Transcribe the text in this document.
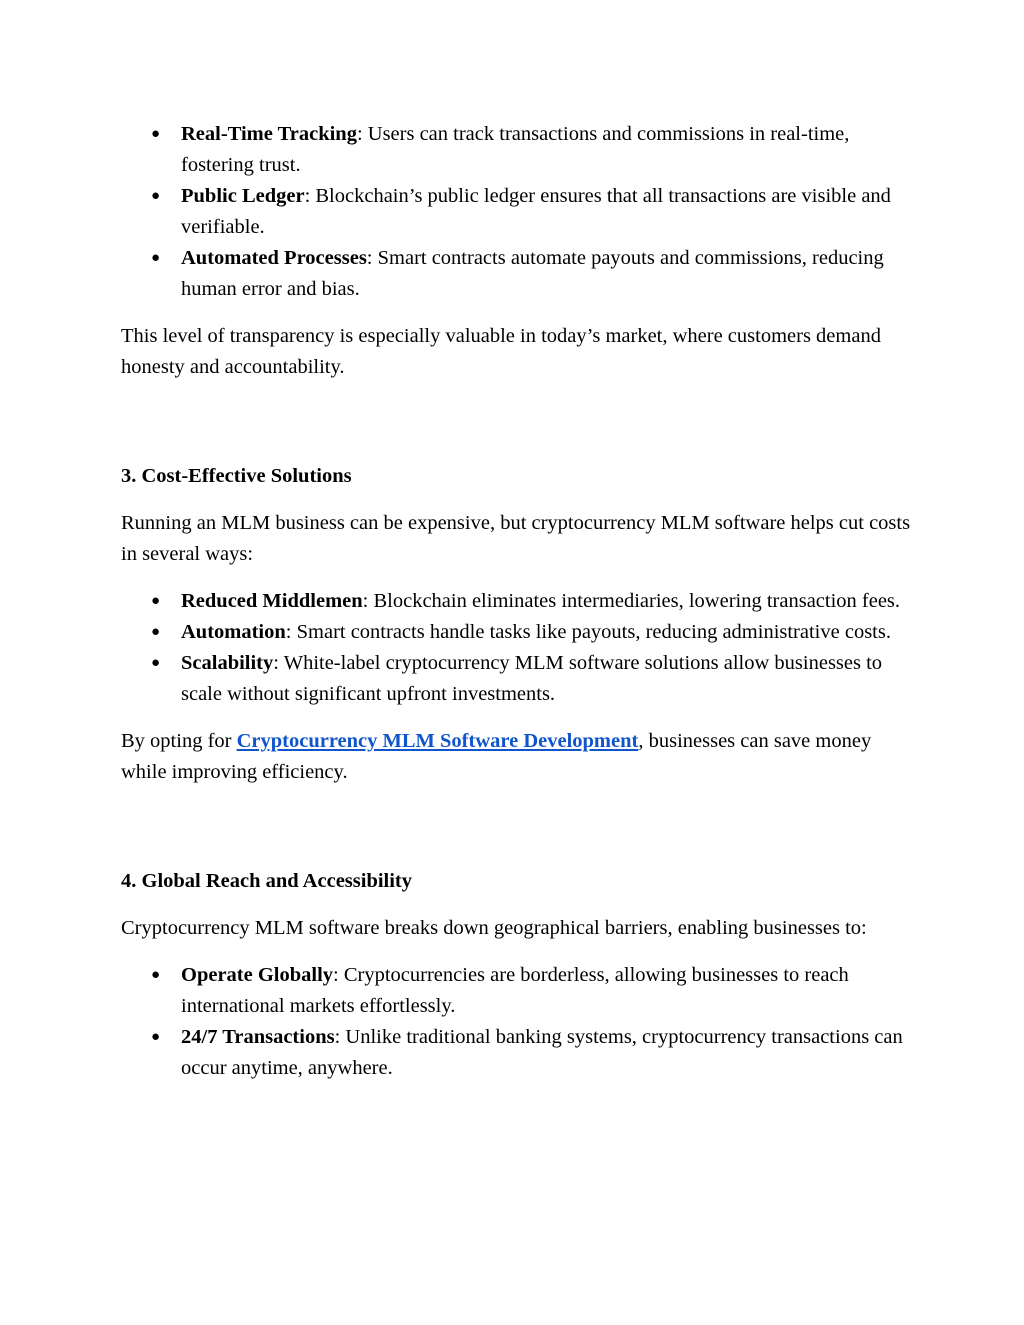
● Real-Time Tracking: Users can track transactions and commissions in real-time, fostering trust.
● Public Ledger: Blockchain’s public ledger ensures that all transactions are visible and verifiable.
● Automated Processes: Smart contracts automate payouts and commissions, reducing human error and bias.

This level of transparency is especially valuable in today’s market, where customers demand honesty and accountability.

3. Cost-Effective Solutions

Running an MLM business can be expensive, but cryptocurrency MLM software helps cut costs in several ways:

● Reduced Middlemen: Blockchain eliminates intermediaries, lowering transaction fees.
● Automation: Smart contracts handle tasks like payouts, reducing administrative costs.
● Scalability: White-label cryptocurrency MLM software solutions allow businesses to scale without significant upfront investments.

By opting for Cryptocurrency MLM Software Development, businesses can save money while improving efficiency.

4. Global Reach and Accessibility

Cryptocurrency MLM software breaks down geographical barriers, enabling businesses to:

● Operate Globally: Cryptocurrencies are borderless, allowing businesses to reach international markets effortlessly.
● 24/7 Transactions: Unlike traditional banking systems, cryptocurrency transactions can occur anytime, anywhere.
